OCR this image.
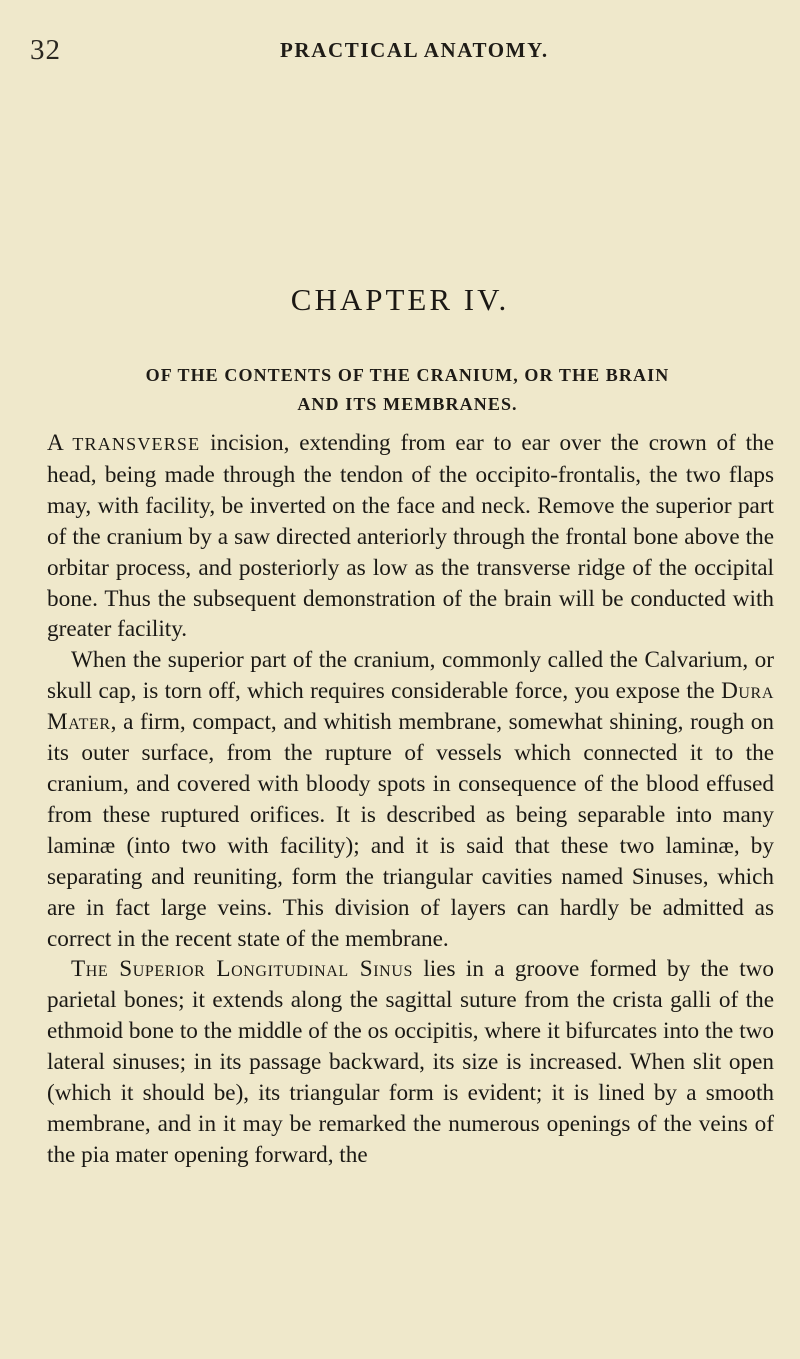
32	PRACTICAL ANATOMY.
CHAPTER IV.
OF THE CONTENTS OF THE CRANIUM, OR THE BRAIN
AND ITS MEMBRANES.

A TRANSVERSE incision, extending from ear to ear over the crown of the head, being made through the tendon of the occipito-frontalis, the two flaps may, with facility, be inverted on the face and neck. Remove the superior part of the cranium by a saw directed anteriorly through the frontal bone above the orbitar process, and posteriorly as low as the transverse ridge of the occipital bone. Thus the subsequent demonstration of the brain will be conducted with greater facility.

When the superior part of the cranium, commonly called the Calvarium, or skull cap, is torn off, which requires considerable force, you expose the Dura Mater, a firm, compact, and whitish membrane, somewhat shining, rough on its outer surface, from the rupture of vessels which connected it to the cranium, and covered with bloody spots in consequence of the blood effused from these ruptured orifices. It is described as being separable into many laminæ (into two with facility); and it is said that these two laminæ, by separating and reuniting, form the triangular cavities named Sinuses, which are in fact large veins. This division of layers can hardly be admitted as correct in the recent state of the membrane.

The Superior Longitudinal Sinus lies in a groove formed by the two parietal bones; it extends along the sagittal suture from the crista galli of the ethmoid bone to the middle of the os occipitis, where it bifurcates into the two lateral sinuses; in its passage backward, its size is increased. When slit open (which it should be), its triangular form is evident; it is lined by a smooth membrane, and in it may be remarked the numerous openings of the veins of the pia mater opening forward, the
